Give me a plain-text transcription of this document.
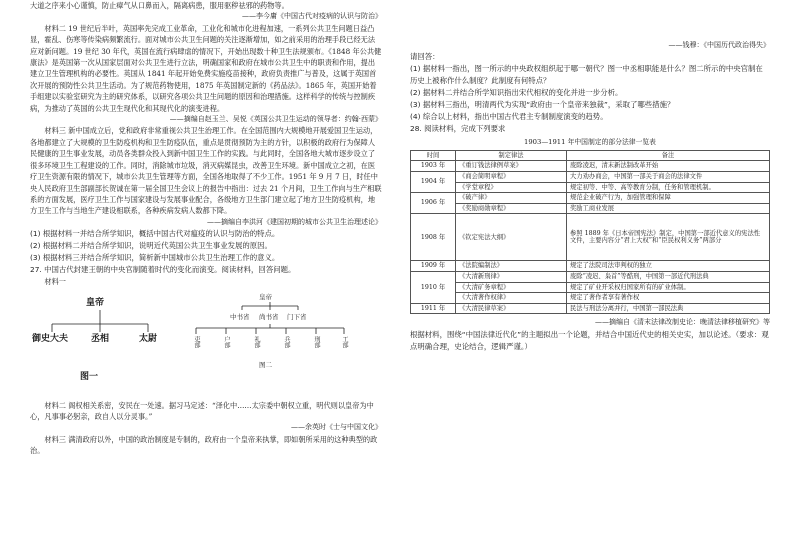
大道之序来小心谨慎，防止瘴气从口鼻而入，隔离病患，服用驱秽祛邪的药物等。

——李今庸《中国古代对疫病的认识与防治》

材料二 19 世纪后半叶，英国率先完成工业革命，工业化和城市化进程加速，一系列公共卫生问题日益凸显，霍乱、伤寒等传染病频繁流行。面对城市公共卫生问题的关注逐渐增加，如之前采用的治理手段已经无法应对新问题。19 世纪 30 年代，英国在流行病肆虐的情况下，开始出现数十种卫生法规颁布。《1848 年公共健康法》是英国第一次从国家层面对公共卫生进行立法，明确国家和政府在城市公共卫生中的职责和作用，提出建立卫生管理机构的必要性。英国从 1841 年起开始免费实施疫苗接种，政府负责推广与普及，这属于英国首次开展的预防性公共卫生活动。为了规范药物使用，1875 年英国制定新的《药品法》。1865 年，英国开始着手组建以实验室研究为主的研究体系，以研究各项公共卫生问题的原因和治理措施。这样科学的传统与控制疾病，为推动了英国的公共卫生现代化和其现代化的演变进程。

——摘编自赵玉兰、吴悦《英国公共卫生运动的领导者：约翰·西蒙》

材料三 新中国成立后，党和政府非常重视公共卫生治理工作。在全国范围内大规模地开展爱国卫生运动，各地都建立了大规模的卫生防疫机构和卫生防疫队伍，重点是贯彻预防为主的方针，以积极的政府行为保障人民健康的卫生事业发展，动员各类群众投入到新中国卫生工作的实践。与此同时，全国各地大城市逐步设立了很多环境卫生工程建设的工作。同时，消除城市垃圾，消灭病媒昆虫，改善卫生环境。新中国成立之初，在医疗卫生资源有限的情况下，城市公共卫生管理等方面，全国各地取得了不少工作。1951 年 9 月 7 日，时任中央人民政府卫生部副部长贺诚在第一届全国卫生会议上的报告中指出：过去 21 个月间，卫生工作向与生产相联系的方面发展，医疗卫生工作与国家建设与发展事业配合，各级地方卫生部门建立起了地方卫生防疫机构，地方卫生工作与当地生产建设相联系，各种疾病发病人数都下降。

——摘编自李洪河《建国初期的城市公共卫生治理述论》

(1) 根据材料一并结合所学知识，概括中国古代对瘟疫的认识与防治的特点。

(2) 根据材料二并结合所学知识，说明近代英国公共卫生事业发展的原因。

(3) 根据材料三并结合所学知识，简析新中国城市公共卫生治理工作的意义。

27. 中国古代封建王朝的中央官制随着时代的变化而演变。阅读材料，回答问题。

材料一

皇帝
御史大夫	丞相	太尉
图一
皇帝
中书省 尚书省 门下省
吏部	户部	礼部	兵部	刑部	工部
图二

材料二 阁权相关系密，安民在一处速。据习马定述：“泽化中……太宗委中朝权立重，明代则以皇帝为中心，凡事事必躬亲，政自人以分灵事。”

——余英时《士与中国文化》

材料三 满清政府以外，中国的政治制度是专制的，政府由一个皇帝来执掌，即如朝所采用的这种典型的政治。

——钱穆：《中国历代政治得失》

请回答：

(1) 据材料一指出，图一所示的中央政权组织起于哪一朝代？图一中丞相职能是什么？图二所示的中央官制在历史上被称作什么制度？此制度有何特点？

(2) 据材料二并结合所学知识指出宋代相权的变化并进一步分析。

(3) 据材料三指出，明清两代为实现“政府由一个皇帝来独裁”，采取了哪些措施？

(4) 综合以上材料，指出中国古代君主专制制度演变的趋势。

28. 阅读材料，完成下列要求

1903—1911 年中国制定的部分法律一览表
时间	制定律法	备注
1903 年	《重订钱法律例草案》	废除凌迟，清末新法制改革开始
1904 年	《商会简明章程》	大力劝办商会，中国第一部关于商会的法律文件
	《学堂章程》	规定初等、中等、高等教育分制，任务和管理机制。
1906 年	《破产律》	规范企业破产行为，加强管理和保障
	《奖励商勋章程》	奖励工商业发展
1908 年	《钦定宪法大纲》	参照 1889 年《日本帝国宪法》制定，中国第一部近代意义的宪法性文件，主要内容分“君上大权”和“臣民权利义务”两部分
1909 年	《法院编制法》	规定了法院司法审判权的独立
1910 年	《大清新刑律》	废除“凌迟、枭首”等酷刑，中国第一部近代刑法典
	《大清矿务章程》	规定了矿业开采权归国家所有的矿业体制。
	《大清著作权律》	规定了著作者享有著作权
1911 年	《大清民律草案》	民法与刑法分离并行，中国第一部民法典

——摘编自《清末法律改制史论：晚清法律移植研究》等

根据材料，围绕“中国法律近代化”的主题拟出一个论题，并结合中国近代史的相关史实，加以论述。（要求：观点明确合理，史论结合，逻辑严谨。）
